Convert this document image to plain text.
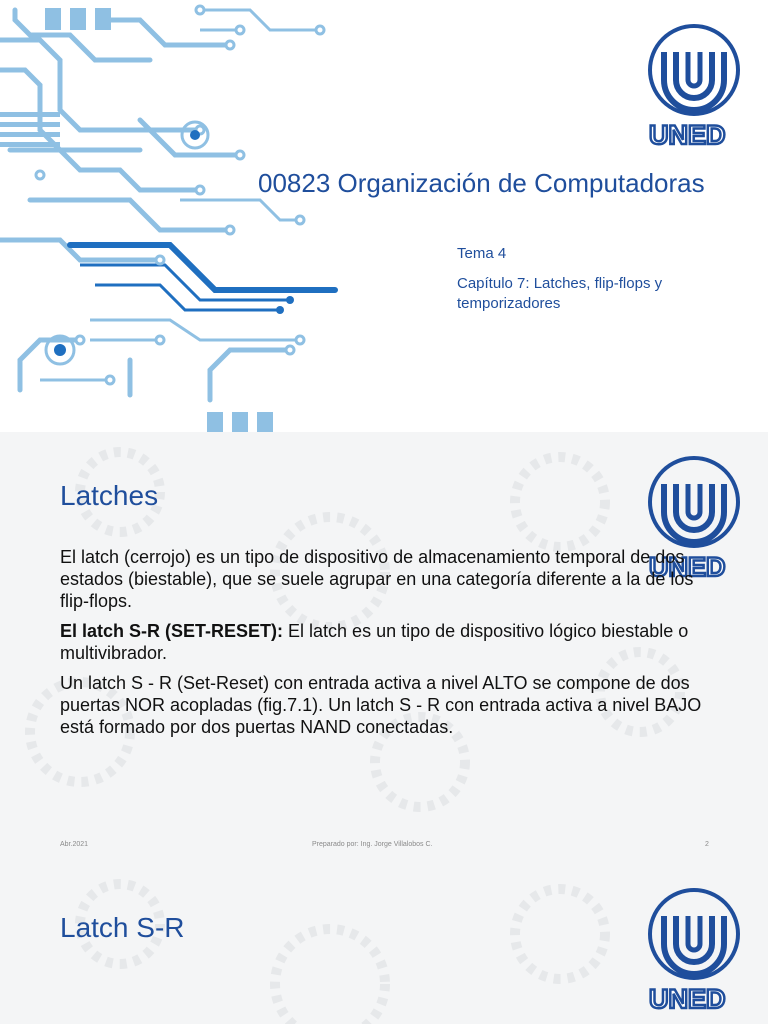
UNED
00823 Organización de Computadoras
Tema 4
Capítulo 7: Latches, flip-flops y temporizadores
UNED
Latches

El latch (cerrojo) es un tipo de dispositivo de almacenamiento temporal de dos estados (biestable), que se suele agrupar en una categoría diferente a la de los flip-flops.

El latch S-R (SET-RESET): El latch es un tipo de dispositivo lógico biestable o multivibrador.

Un latch S - R (Set-Reset) con entrada activa a nivel ALTO se compone de dos puertas NOR acopladas (fig.7.1). Un latch S - R con entrada activa a nivel BAJO está formado por dos puertas NAND conectadas.

Abr.2021	Preparado por: Ing. Jorge Villalobos C.	2
UNED
Latch S-R
